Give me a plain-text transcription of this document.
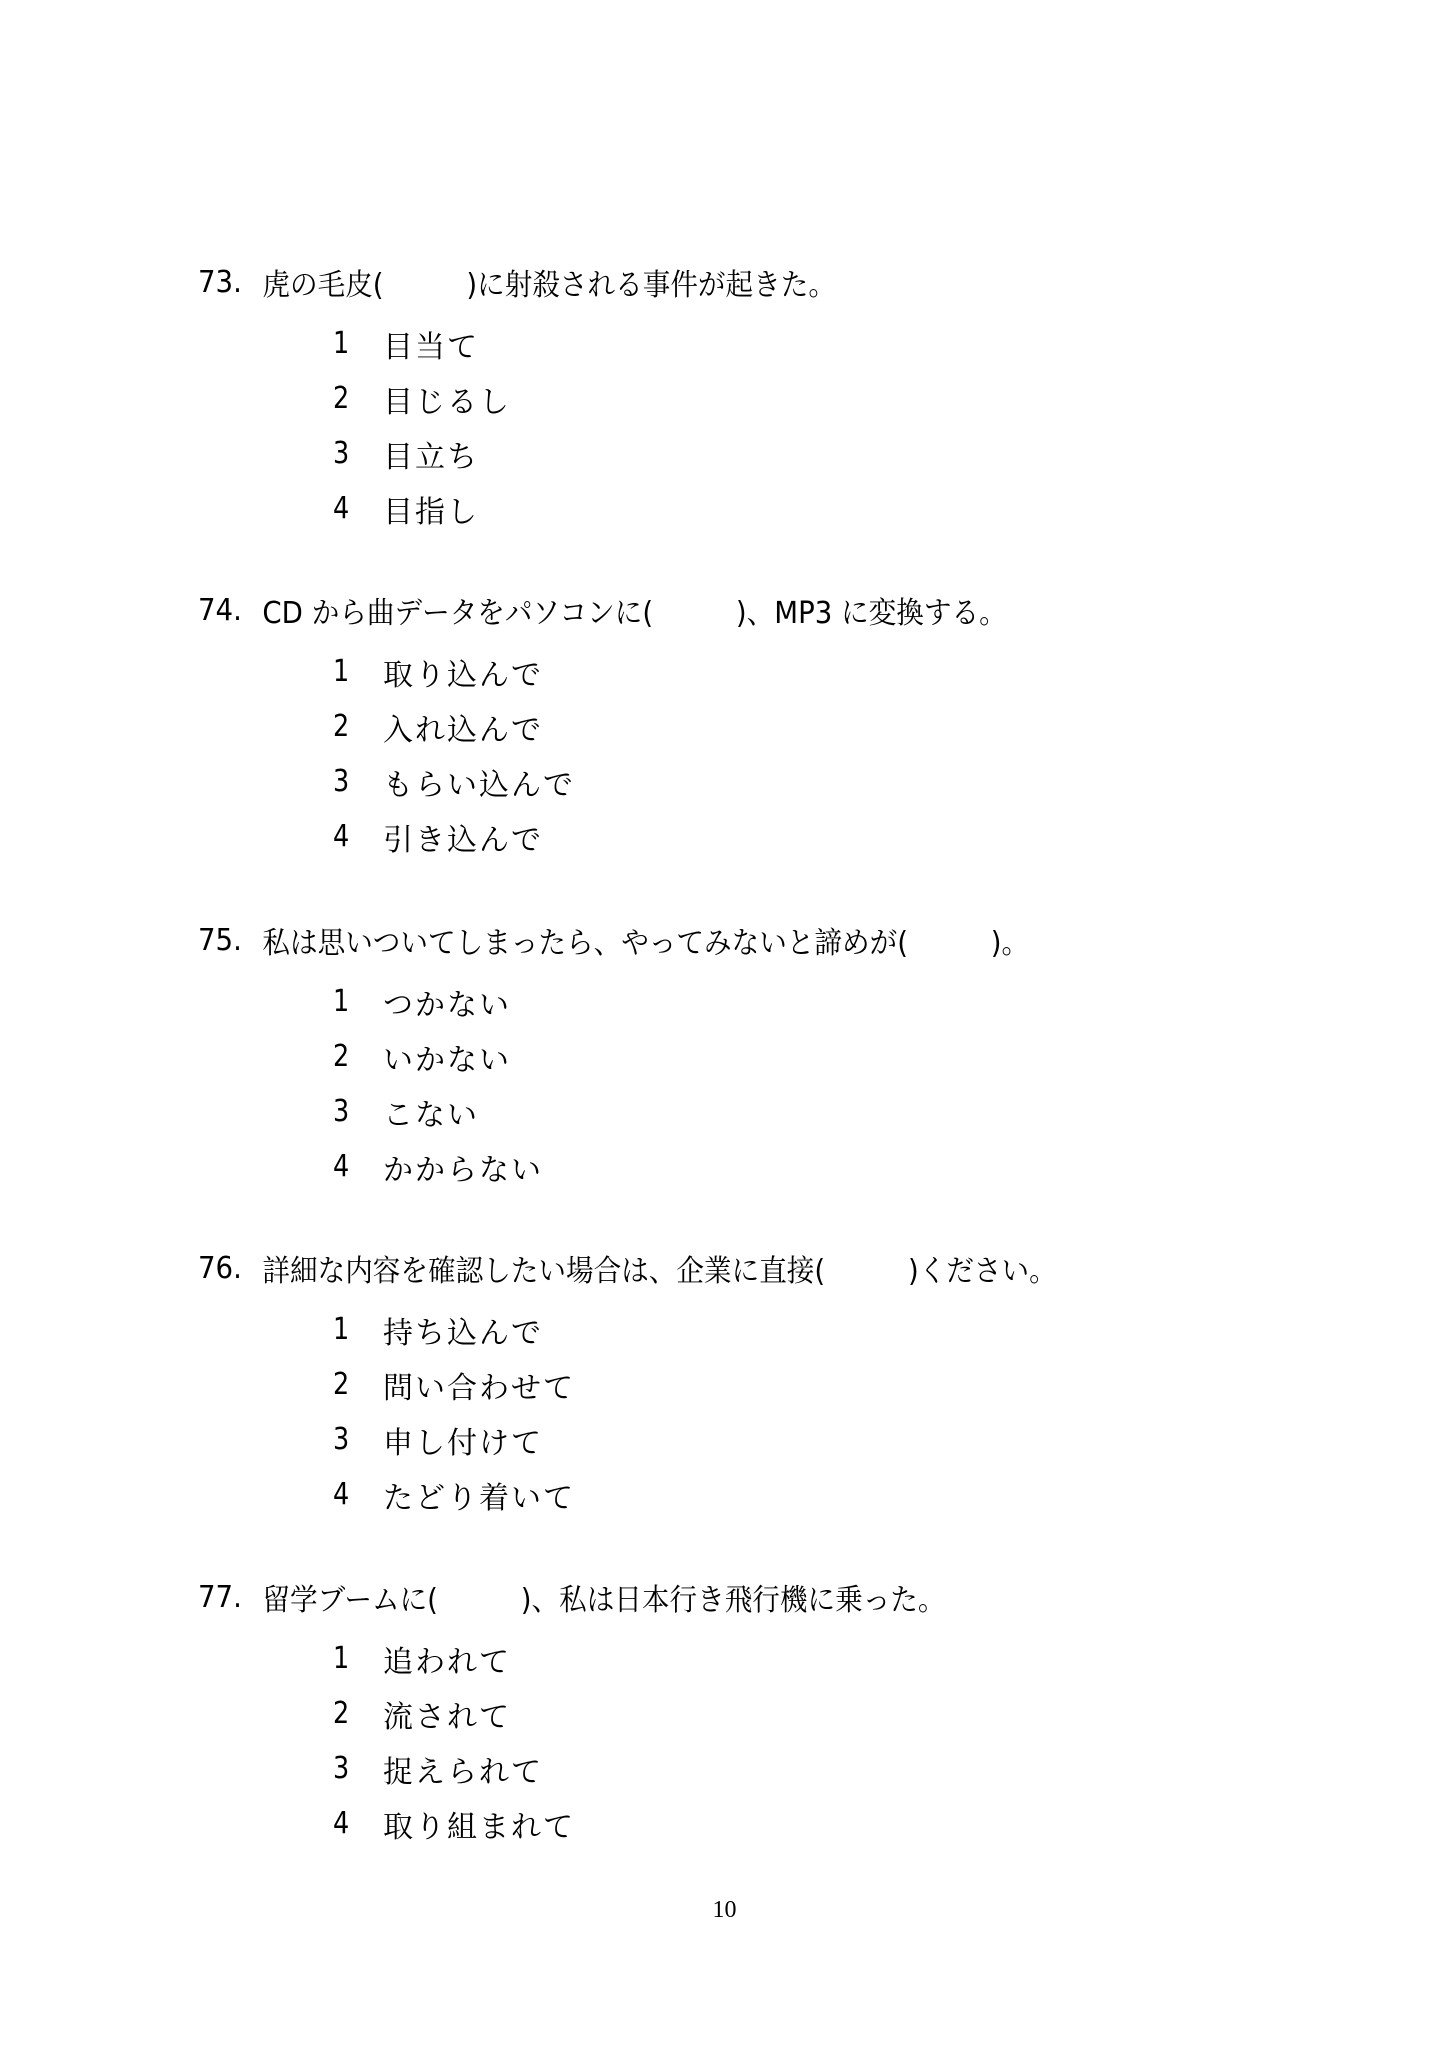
73. 虎の毛皮(　　　)に射殺される事件が起きた。
1	目当て
2	目じるし
3	目立ち
4	目指し
74. CD から曲データをパソコンに(　　　)、MP3 に変換する。
1	取り込んで
2	入れ込んで
3	もらい込んで
4	引き込んで
75. 私は思いついてしまったら、やってみないと諦めが(　　　)。
1	つかない
2	いかない
3	こない
4	かからない
76. 詳細な内容を確認したい場合は、企業に直接(　　　)ください。
1	持ち込んで
2	問い合わせて
3	申し付けて
4	たどり着いて
77. 留学ブームに(　　　)、私は日本行き飛行機に乗った。
1	追われて
2	流されて
3	捉えられて
4	取り組まれて
10
